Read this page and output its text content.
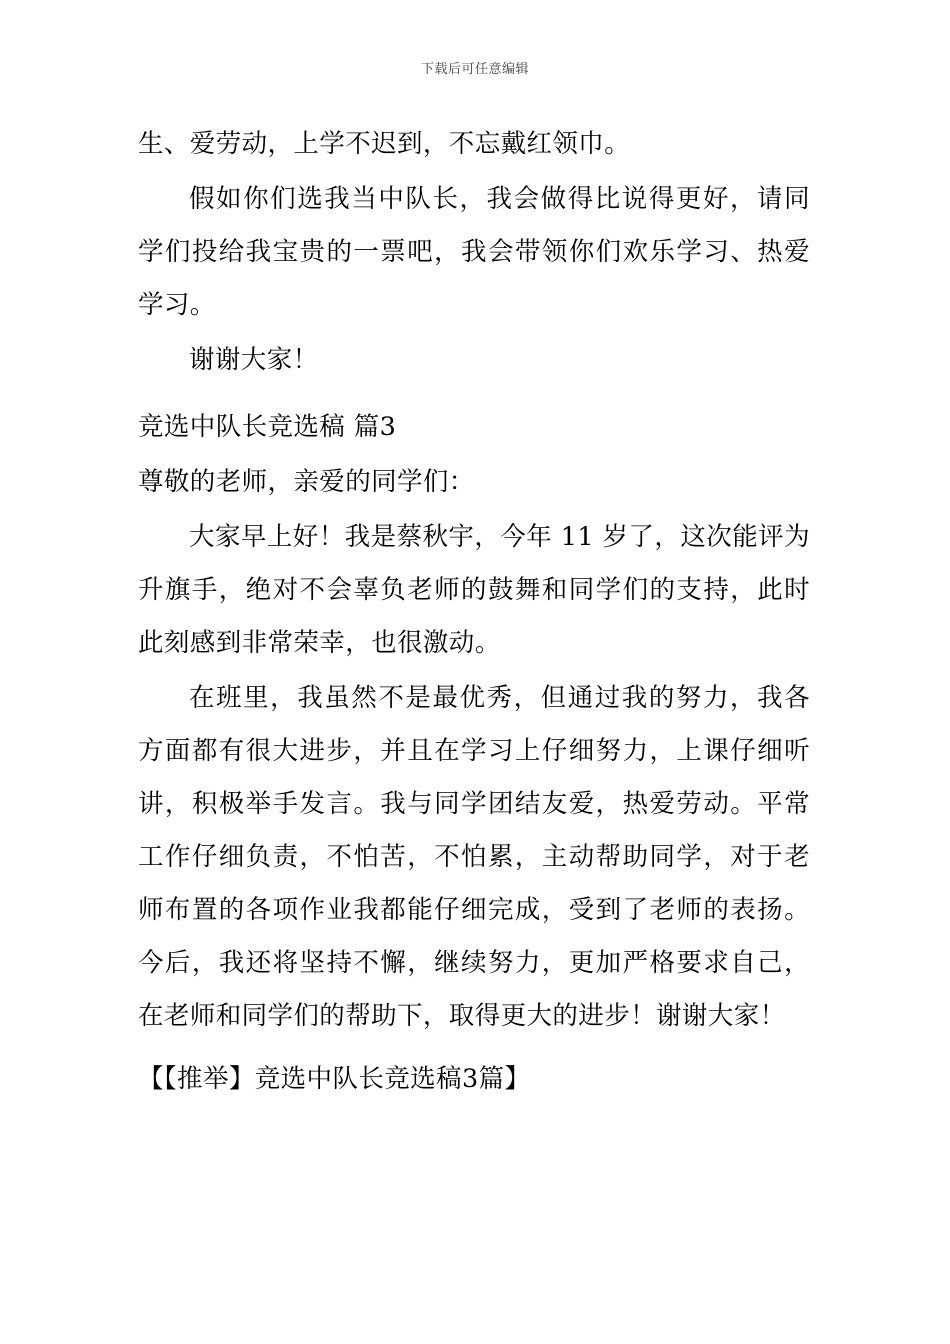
下载后可任意编辑

生、爱劳动，上学不迟到，不忘戴红领巾。

假如你们选我当中队长，我会做得比说得更好，请同学们投给我宝贵的一票吧，我会带领你们欢乐学习、热爱学习。

谢谢大家！

竞选中队长竞选稿 篇3

尊敬的老师，亲爱的同学们：

大家早上好！我是蔡秋宇，今年 11 岁了，这次能评为升旗手，绝对不会辜负老师的鼓舞和同学们的支持，此时此刻感到非常荣幸，也很激动。

在班里，我虽然不是最优秀，但通过我的努力，我各方面都有很大进步，并且在学习上仔细努力，上课仔细听讲，积极举手发言。我与同学团结友爱，热爱劳动。平常工作仔细负责，不怕苦，不怕累，主动帮助同学，对于老师布置的各项作业我都能仔细完成，受到了老师的表扬。今后，我还将坚持不懈，继续努力，更加严格要求自己，在老师和同学们的帮助下，取得更大的进步！谢谢大家！

【【推举】竞选中队长竞选稿3篇】
